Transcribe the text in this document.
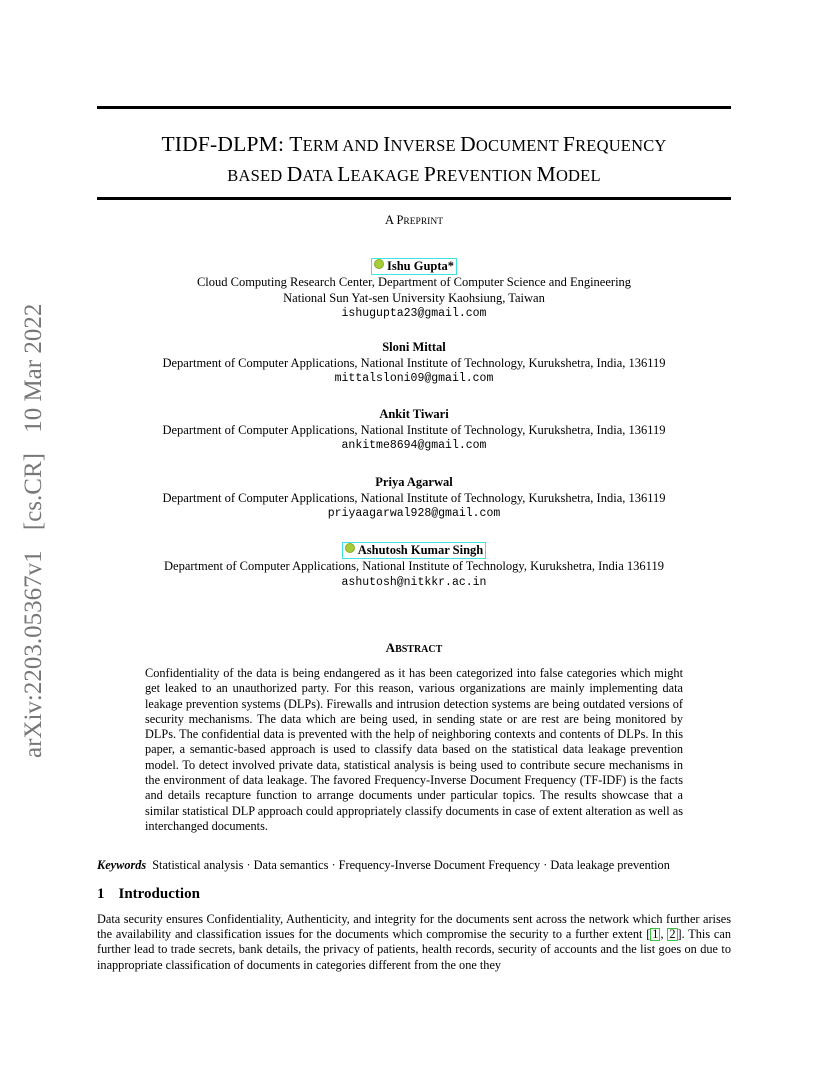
arXiv:2203.05367v1 [cs.CR] 10 Mar 2022
TIDF-DLPM: TERM AND INVERSE DOCUMENT FREQUENCY
BASED DATA LEAKAGE PREVENTION MODEL
A PREPRINT
Ishu Gupta*
Cloud Computing Research Center, Department of Computer Science and Engineering
National Sun Yat-sen University Kaohsiung, Taiwan
ishugupta23@gmail.com
Sloni Mittal
Department of Computer Applications, National Institute of Technology, Kurukshetra, India, 136119
mittalsloni09@gmail.com
Ankit Tiwari
Department of Computer Applications, National Institute of Technology, Kurukshetra, India, 136119
ankitme8694@gmail.com
Priya Agarwal
Department of Computer Applications, National Institute of Technology, Kurukshetra, India, 136119
priyaagarwal928@gmail.com
Ashutosh Kumar Singh
Department of Computer Applications, National Institute of Technology, Kurukshetra, India 136119
ashutosh@nitkkr.ac.in
ABSTRACT
Confidentiality of the data is being endangered as it has been categorized into false categories which might get leaked to an unauthorized party. For this reason, various organizations are mainly implementing data leakage prevention systems (DLPs). Firewalls and intrusion detection systems are being outdated versions of security mechanisms. The data which are being used, in sending state or are rest are being monitored by DLPs. The confidential data is prevented with the help of neighboring contexts and contents of DLPs. In this paper, a semantic-based approach is used to classify data based on the statistical data leakage prevention model. To detect involved private data, statistical analysis is being used to contribute secure mechanisms in the environment of data leakage. The favored Frequency-Inverse Document Frequency (TF-IDF) is the facts and details recapture function to arrange documents under particular topics. The results showcase that a similar statistical DLP approach could appropriately classify documents in case of extent alteration as well as interchanged documents.
Keywords Statistical analysis · Data semantics · Frequency-Inverse Document Frequency · Data leakage prevention
1 Introduction
Data security ensures Confidentiality, Authenticity, and integrity for the documents sent across the network which further arises the availability and classification issues for the documents which compromise the security to a further extent [ 1 , 2 ]. This can further lead to trade secrets, bank details, the privacy of patients, health records, security of accounts and the list goes on due to inappropriate classification of documents in categories different from the one they
